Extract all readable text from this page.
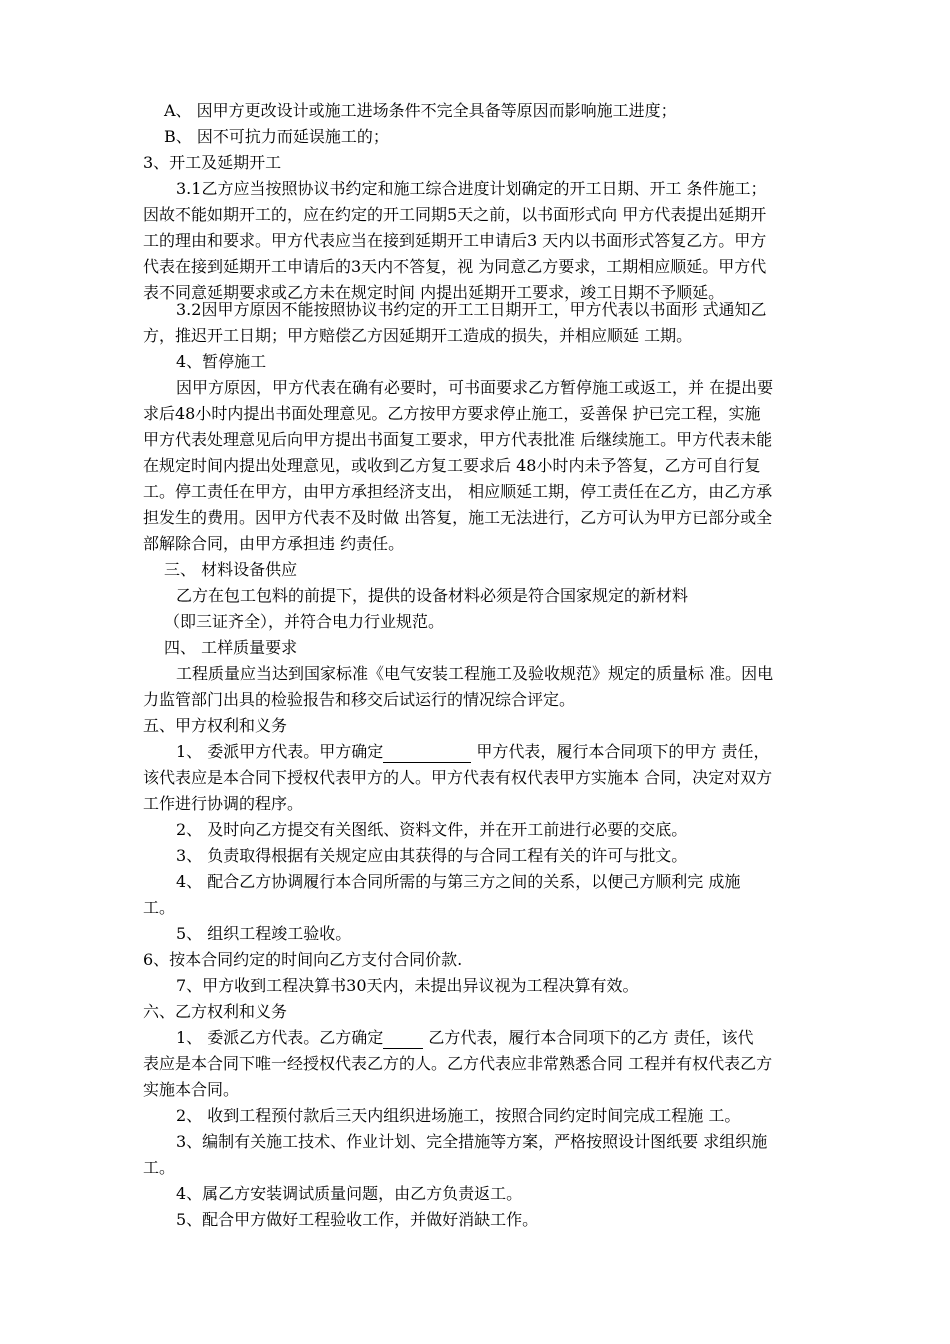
A、 因甲方更改设计或施工进场条件不完全具备等原因而影响施工进度；
B、 因不可抗力而延误施工的；
3、开工及延期开工
3.1乙方应当按照协议书约定和施工综合进度计划确定的开工日期、开工 条件施工；
因故不能如期开工的，应在约定的开工同期5天之前，以书面形式向 甲方代表提出延期开
工的理由和要求。甲方代表应当在接到延期开工申请后3 天内以书面形式答复乙方。甲方
代表在接到延期开工申请后的3天内不答复，视 为同意乙方要求，工期相应顺延。甲方代
表不同意延期要求或乙方未在规定时间 内提出延期开工要求，竣工日期不予顺延。
3.2因甲方原因不能按照协议书约定的开工工日期开工，甲方代表以书面形 式通知乙
方，推迟开工日期；甲方赔偿乙方因延期开工造成的损失，并相应顺延 工期。
4、暂停施工
因甲方原因，甲方代表在确有必要时，可书面要求乙方暂停施工或返工，并 在提出要
求后48小时内提出书面处理意见。乙方按甲方要求停止施工，妥善保 护已完工程，实施
甲方代表处理意见后向甲方提出书面复工要求，甲方代表批准 后继续施工。甲方代表未能
在规定时间内提出处理意见，或收到乙方复工要求后 48小时内未予答复，乙方可自行复
工。停工责任在甲方，由甲方承担经济支出， 相应顺延工期，停工责任在乙方，由乙方承
担发生的费用。因甲方代表不及时做 出答复，施工无法进行，乙方可认为甲方已部分或全
部解除合同，由甲方承担违 约责任。
三、 材料设备供应
乙方在包工包料的前提下，提供的设备材料必须是符合国家规定的新材料
（即三证齐全），并符合电力行业规范。
四、 工样质量要求
工程质量应当达到国家标准《电气安装工程施工及验收规范》规定的质量标 准。因电
力监管部门出具的检验报告和移交后试运行的情况综合评定。
五、甲方权利和义务
1、 委派甲方代表。甲方确定	甲方代表，履行本合同项下的甲方 责任，
该代表应是本合同下授权代表甲方的人。甲方代表有权代表甲方实施本 合同，决定对双方
工作进行协调的程序。
2、 及时向乙方提交有关图纸、资料文件，并在开工前进行必要的交底。
3、 负责取得根据有关规定应由其获得的与合同工程有关的许可与批文。
4、 配合乙方协调履行本合同所需的与第三方之间的关系，以便己方顺利完 成施
工。
5、 组织工程竣工验收。
6、按本合同约定的时间向乙方支付合同价款.
7、甲方收到工程决算书30天内，未提出异议视为工程决算有效。
六、乙方权利和义务
1、 委派乙方代表。乙方确定	乙方代表，履行本合同项下的乙方 责任，该代
表应是本合同下唯一经授权代表乙方的人。乙方代表应非常熟悉合同 工程并有权代表乙方
实施本合同。
2、 收到工程预付款后三天内组织进场施工，按照合同约定时间完成工程施 工。
3、编制有关施工技术、作业计划、完全措施等方案，严格按照设计图纸要 求组织施
工。
4、属乙方安装调试质量问题，由乙方负责返工。
5、配合甲方做好工程验收工作，并做好消缺工作。
